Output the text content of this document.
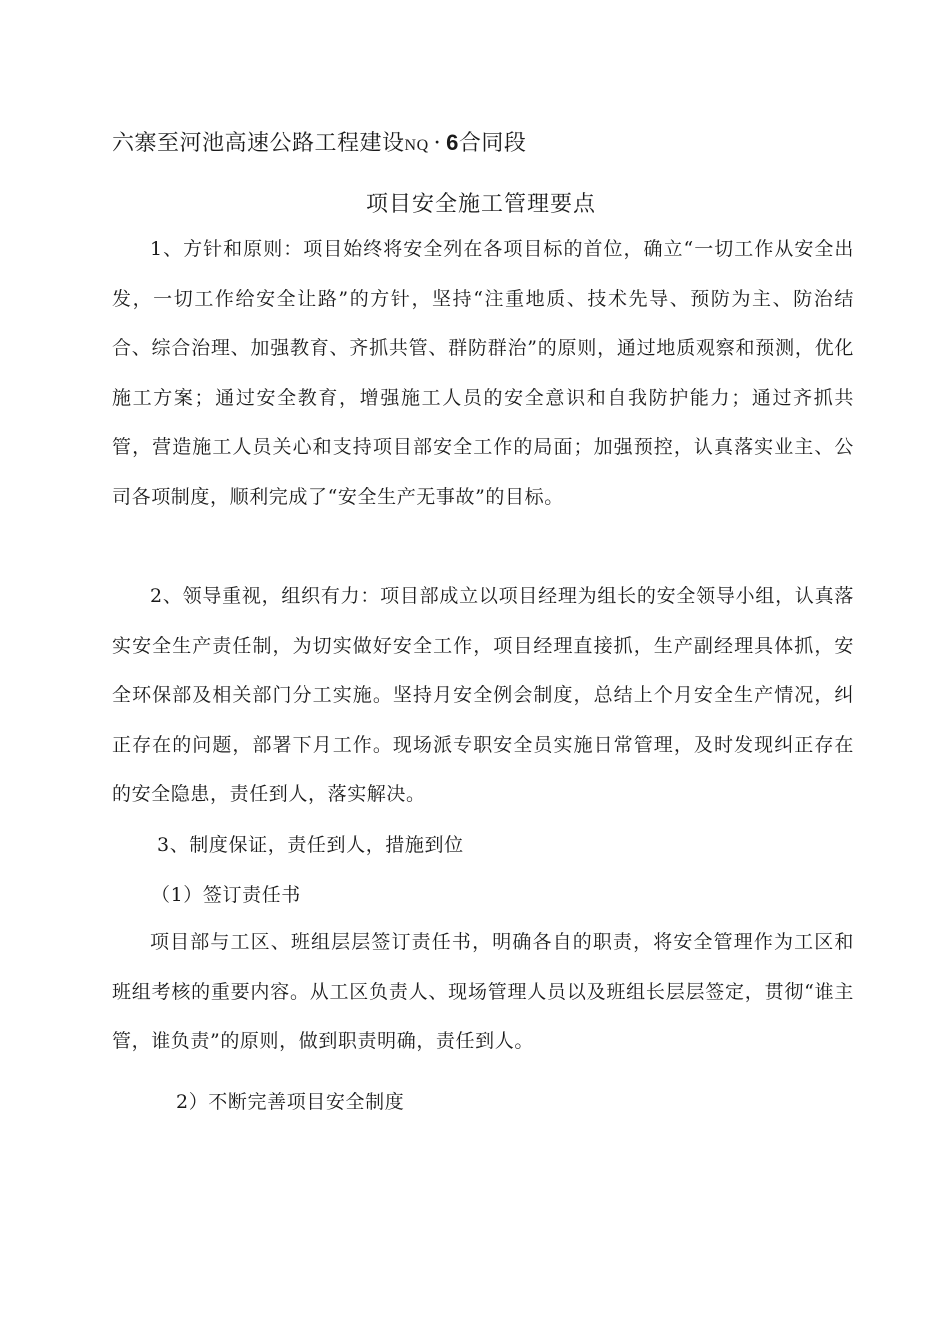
六寨至河池高速公路工程建设NQ · 6合同段
项目安全施工管理要点

1、方针和原则：项目始终将安全列在各项目标的首位，确立“一切工作从安全出发，一切工作给安全让路”的方针，坚持“注重地质、技术先导、预防为主、防治结合、综合治理、加强教育、齐抓共管、群防群治”的原则，通过地质观察和预测，优化施工方案；通过安全教育，增强施工人员的安全意识和自我防护能力；通过齐抓共管，营造施工人员关心和支持项目部安全工作的局面；加强预控，认真落实业主、公司各项制度，顺利完成了“安全生产无事故”的目标。

2、领导重视，组织有力：项目部成立以项目经理为组长的安全领导小组，认真落实安全生产责任制，为切实做好安全工作，项目经理直接抓，生产副经理具体抓，安全环保部及相关部门分工实施。坚持月安全例会制度，总结上个月安全生产情况，纠正存在的问题，部署下月工作。现场派专职安全员实施日常管理，及时发现纠正存在的安全隐患，责任到人，落实解决。

3、制度保证，责任到人，措施到位

（1）签订责任书

项目部与工区、班组层层签订责任书，明确各自的职责，将安全管理作为工区和班组考核的重要内容。从工区负责人、现场管理人员以及班组长层层签定，贯彻“谁主管，谁负责”的原则，做到职责明确，责任到人。

2）不断完善项目安全制度
